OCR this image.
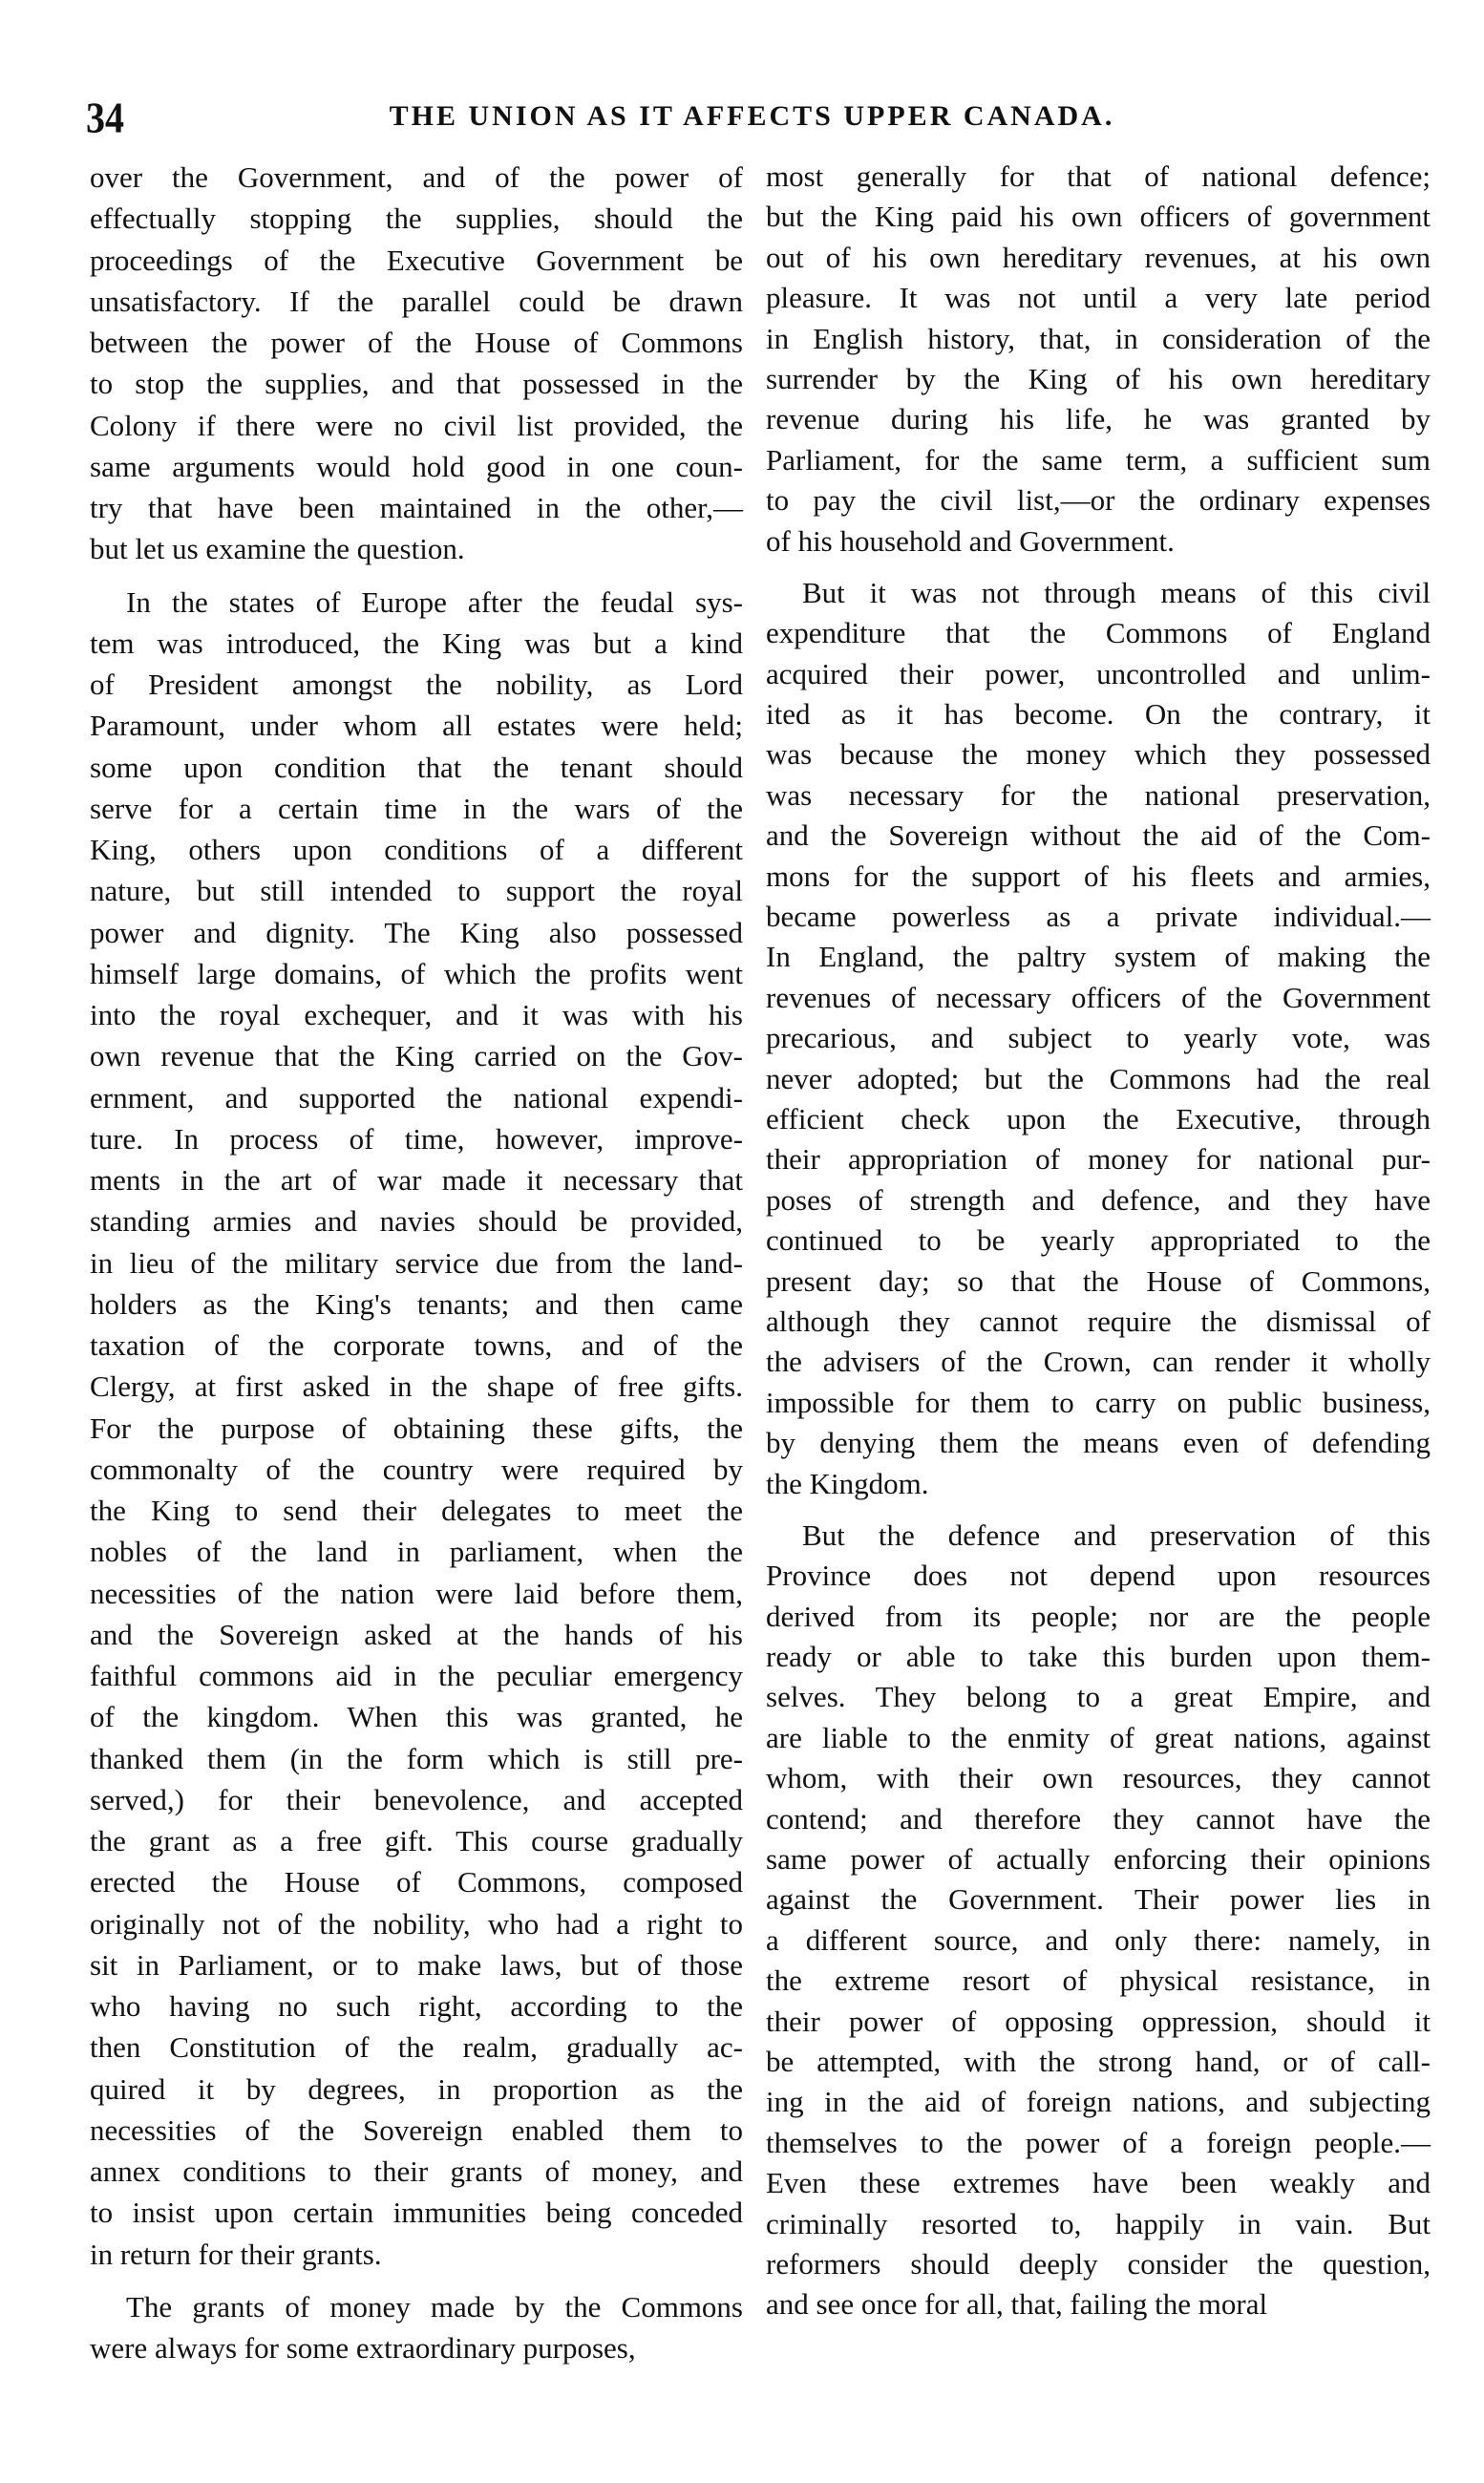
34	THE UNION AS IT AFFECTS UPPER CANADA.
over the Government, and of the power of
effectually stopping the supplies, should the
proceedings of the Executive Government be
unsatisfactory. If the parallel could be drawn
between the power of the House of Commons
to stop the supplies, and that possessed in the
Colony if there were no civil list provided, the
same arguments would hold good in one coun-
try that have been maintained in the other,—
but let us examine the question.
In the states of Europe after the feudal sys-
tem was introduced, the King was but a kind
of President amongst the nobility, as Lord
Paramount, under whom all estates were held;
some upon condition that the tenant should
serve for a certain time in the wars of the
King, others upon conditions of a different
nature, but still intended to support the royal
power and dignity. The King also possessed
himself large domains, of which the profits went
into the royal exchequer, and it was with his
own revenue that the King carried on the Gov-
ernment, and supported the national expendi-
ture. In process of time, however, improve-
ments in the art of war made it necessary that
standing armies and navies should be provided,
in lieu of the military service due from the land-
holders as the King's tenants; and then came
taxation of the corporate towns, and of the
Clergy, at first asked in the shape of free gifts.
For the purpose of obtaining these gifts, the
commonalty of the country were required by
the King to send their delegates to meet the
nobles of the land in parliament, when the
necessities of the nation were laid before them,
and the Sovereign asked at the hands of his
faithful commons aid in the peculiar emergency
of the kingdom. When this was granted, he
thanked them (in the form which is still pre-
served,) for their benevolence, and accepted
the grant as a free gift. This course gradually
erected the House of Commons, composed
originally not of the nobility, who had a right to
sit in Parliament, or to make laws, but of those
who having no such right, according to the
then Constitution of the realm, gradually ac-
quired it by degrees, in proportion as the
necessities of the Sovereign enabled them to
annex conditions to their grants of money, and
to insist upon certain immunities being conceded
in return for their grants.
The grants of money made by the Commons
were always for some extraordinary purposes,
most generally for that of national defence;
but the King paid his own officers of government
out of his own hereditary revenues, at his own
pleasure. It was not until a very late period
in English history, that, in consideration of the
surrender by the King of his own hereditary
revenue during his life, he was granted by
Parliament, for the same term, a sufficient sum
to pay the civil list,—or the ordinary expenses
of his household and Government.
But it was not through means of this civil
expenditure that the Commons of England
acquired their power, uncontrolled and unlim-
ited as it has become. On the contrary, it
was because the money which they possessed
was necessary for the national preservation,
and the Sovereign without the aid of the Com-
mons for the support of his fleets and armies,
became powerless as a private individual.—
In England, the paltry system of making the
revenues of necessary officers of the Government
precarious, and subject to yearly vote, was
never adopted; but the Commons had the real
efficient check upon the Executive, through
their appropriation of money for national pur-
poses of strength and defence, and they have
continued to be yearly appropriated to the
present day; so that the House of Commons,
although they cannot require the dismissal of
the advisers of the Crown, can render it wholly
impossible for them to carry on public business,
by denying them the means even of defending
the Kingdom.
But the defence and preservation of this
Province does not depend upon resources
derived from its people; nor are the people
ready or able to take this burden upon them-
selves. They belong to a great Empire, and
are liable to the enmity of great nations, against
whom, with their own resources, they cannot
contend; and therefore they cannot have the
same power of actually enforcing their opinions
against the Government. Their power lies in
a different source, and only there: namely, in
the extreme resort of physical resistance, in
their power of opposing oppression, should it
be attempted, with the strong hand, or of call-
ing in the aid of foreign nations, and subjecting
themselves to the power of a foreign people.—
Even these extremes have been weakly and
criminally resorted to, happily in vain. But
reformers should deeply consider the question,
and see once for all, that, failing the moral
